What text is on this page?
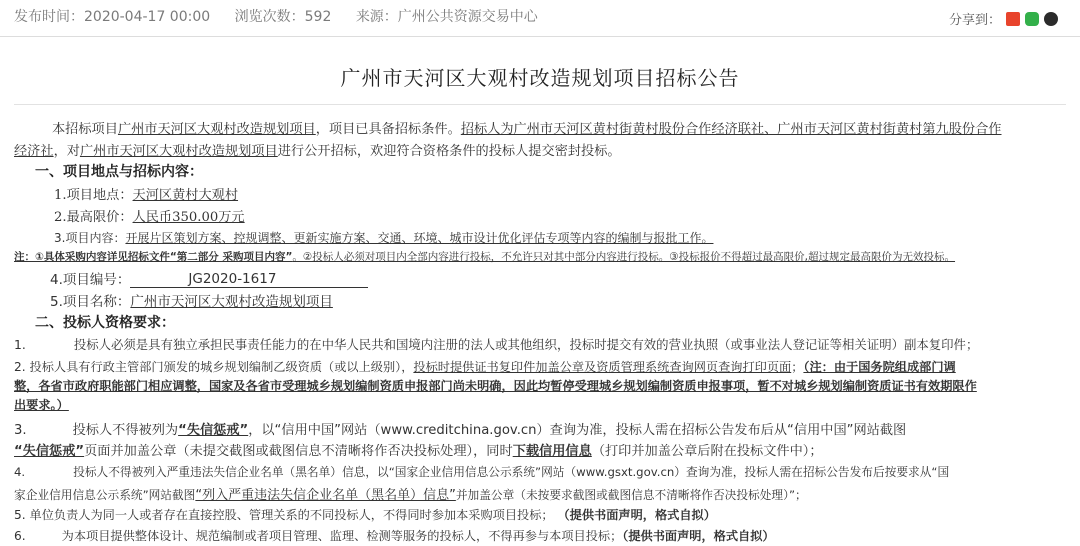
发布时间：2020-04-17 00:00 浏览次数：592 来源：广州公共资源交易中心	分享到：
广州市天河区大观村改造规划项目招标公告
本招标项目广州市天河区大观村改造规划项目，项目已具备招标条件。招标人为广州市天河区黄村街黄村股份合作经济联社、广州市天河区黄村街黄村第九股份合作
经济社，对广州市天河区大观村改造规划项目进行公开招标，欢迎符合资格条件的投标人提交密封投标。
一、项目地点与招标内容：
1.项目地点：天河区黄村大观村
2.最高限价：人民币350.00万元
3.项目内容：开展片区策划方案、控规调整、更新实施方案、交通、环境、城市设计优化评估专项等内容的编制与报批工作。
注：①具体采购内容详见招标文件“第二部分 采购项目内容”。②投标人必须对项目内全部内容进行投标，不允许只对其中部分内容进行投标。③投标报价不得超过最高限价,超过规定最高限价为无效投标。
4.项目编号：	JG2020-1617
5.项目名称：广州市天河区大观村改造规划项目
二、投标人资格要求：
1.	投标人必须是具有独立承担民事责任能力的在中华人民共和国境内注册的法人或其他组织，投标时提交有效的营业执照（或事业法人登记证等相关证明）副本复印件；
2. 投标人具有行政主管部门颁发的城乡规划编制乙级资质（或以上级别），投标时提供证书复印件加盖公章及资质管理系统查询网页查询打印页面；（注：由于国务院组成部门调
整，各省市政府职能部门相应调整，国家及各省市受理城乡规划编制资质申报部门尚未明确，因此均暂停受理城乡规划编制资质申报事项，暂不对城乡规划编制资质证书有效期限作
出要求。）
3.	投标人不得被列为“失信惩戒”，以“信用中国”网站（www.creditchina.gov.cn）查询为准，投标人需在招标公告发布后从“信用中国”网站截图
“失信惩戒”页面并加盖公章（未提交截图或截图信息不清晰将作否决投标处理），同时下载信用信息（打印并加盖公章后附在投标文件中）；
4.	投标人不得被列入严重违法失信企业名单（黑名单）信息，以“国家企业信用信息公示系统”网站（www.gsxt.gov.cn）查询为准，投标人需在招标公告发布后按要求从“国
家企业信用信息公示系统”网站截图“列入严重违法失信企业名单（黑名单）信息”并加盖公章（未按要求截图或截图信息不清晰将作否决投标处理）”；
5. 单位负责人为同一人或者存在直接控股、管理关系的不同投标人，不得同时参加本采购项目投标； （提供书面声明，格式自拟）
6.	为本项目提供整体设计、规范编制或者项目管理、监理、检测等服务的投标人，不得再参与本项目投标；（提供书面声明，格式自拟）
